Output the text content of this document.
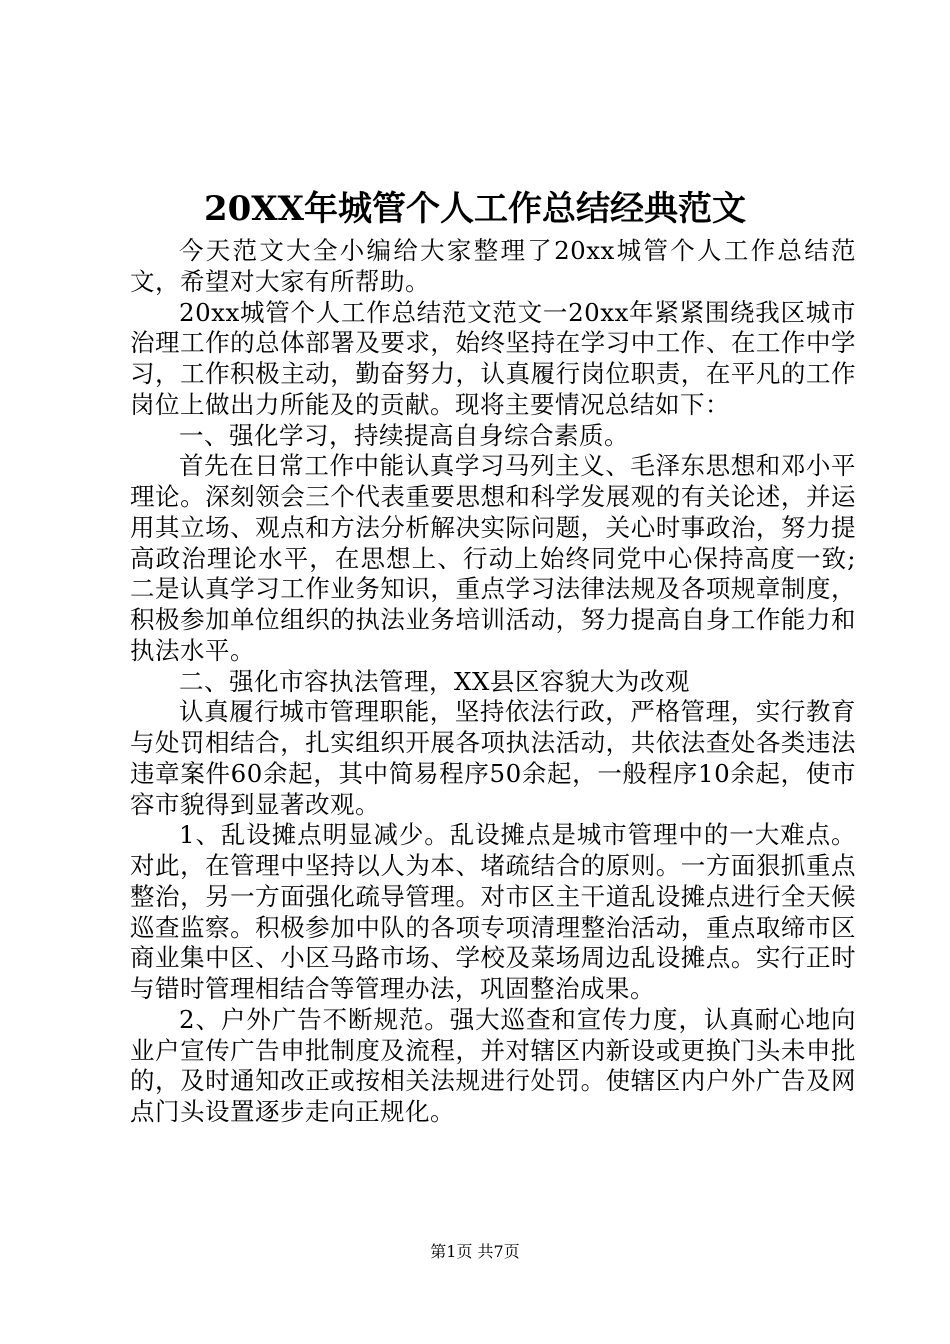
20XX年城管个人工作总结经典范文

今天范文大全小编给大家整理了20xx城管个人工作总结范文，希望对大家有所帮助。

20xx城管个人工作总结范文范文一20xx年紧紧围绕我区城市治理工作的总体部署及要求，始终坚持在学习中工作、在工作中学习，工作积极主动，勤奋努力，认真履行岗位职责，在平凡的工作岗位上做出力所能及的贡献。现将主要情况总结如下：

一、强化学习，持续提高自身综合素质。

首先在日常工作中能认真学习马列主义、毛泽东思想和邓小平理论。深刻领会三个代表重要思想和科学发展观的有关论述，并运用其立场、观点和方法分析解决实际问题，关心时事政治，努力提高政治理论水平，在思想上、行动上始终同党中心保持高度一致;二是认真学习工作业务知识，重点学习法律法规及各项规章制度，积极参加单位组织的执法业务培训活动，努力提高自身工作能力和执法水平。

二、强化市容执法管理，XX县区容貌大为改观

认真履行城市管理职能，坚持依法行政，严格管理，实行教育与处罚相结合，扎实组织开展各项执法活动，共依法查处各类违法违章案件60余起，其中简易程序50余起，一般程序10余起，使市容市貌得到显著改观。

1、乱设摊点明显减少。乱设摊点是城市管理中的一大难点。对此，在管理中坚持以人为本、堵疏结合的原则。一方面狠抓重点整治，另一方面强化疏导管理。对市区主干道乱设摊点进行全天候巡查监察。积极参加中队的各项专项清理整治活动，重点取缔市区商业集中区、小区马路市场、学校及菜场周边乱设摊点。实行正时与错时管理相结合等管理办法，巩固整治成果。

2、户外广告不断规范。强大巡查和宣传力度，认真耐心地向业户宣传广告申批制度及流程，并对辖区内新设或更换门头未申批的，及时通知改正或按相关法规进行处罚。使辖区内户外广告及网点门头设置逐步走向正规化。

第1页 共7页
